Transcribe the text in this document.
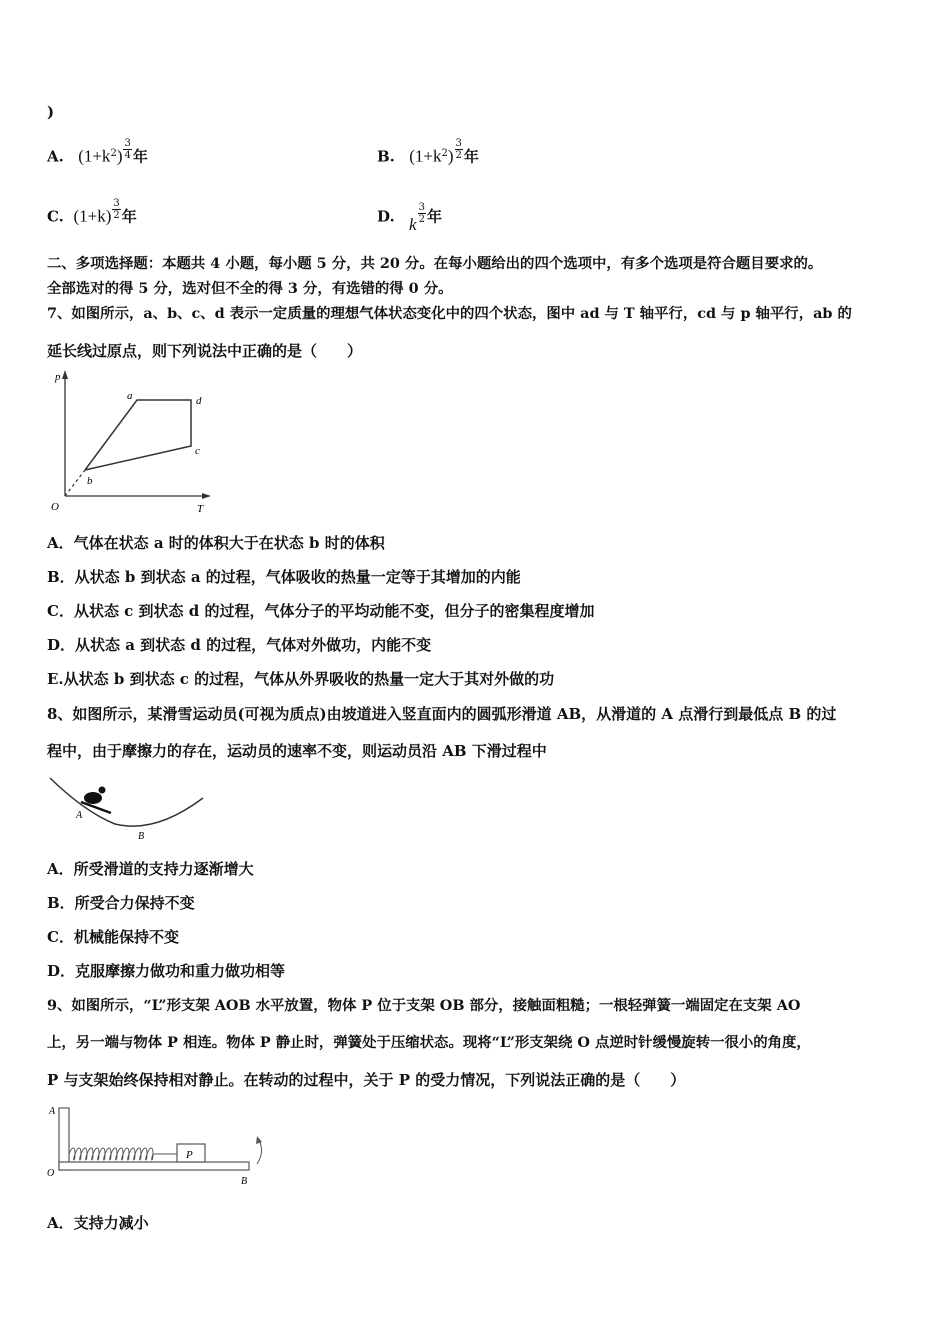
)
A. $(1+k^2) \frac{3}{4}$ 年	B. $(1+k^2) \frac{3}{2}$ 年
C. $(1+k) \frac{3}{2}$ 年	D. k $\frac{3}{2}$ 年
二、多项选择题：本题共 4 小题，每小题 5 分，共 20 分。在每小题给出的四个选项中，有多个选项是符合题目要求的。
全部选对的得 5 分，选对但不全的得 3 分，有选错的得 0 分。
7、如图所示，a、b、c、d 表示一定质量的理想气体状态变化中的四个状态，图中 ad 与 T 轴平行，cd 与 p 轴平行，ab 的
延长线过原点，则下列说法中正确的是（　　）
p
T
O
a	d
c
b
A．气体在状态 a 时的体积大于在状态 b 时的体积
B．从状态 b 到状态 a 的过程，气体吸收的热量一定等于其增加的内能
C．从状态 c 到状态 d 的过程，气体分子的平均动能不变，但分子的密集程度增加
D．从状态 a 到状态 d 的过程，气体对外做功，内能不变
E.从状态 b 到状态 c 的过程，气体从外界吸收的热量一定大于其对外做的功
8、如图所示，某滑雪运动员(可视为质点)由坡道进入竖直面内的圆弧形滑道 AB，从滑道的 A 点滑行到最低点 B 的过
程中，由于摩擦力的存在，运动员的速率不变，则运动员沿 AB 下滑过程中
A
B
A．所受滑道的支持力逐渐增大
B．所受合力保持不变
C．机械能保持不变
D．克服摩擦力做功和重力做功相等
9、如图所示，“L”形支架 AOB 水平放置，物体 P 位于支架 OB 部分，接触面粗糙；一根轻弹簧一端固定在支架 AO
上，另一端与物体 P 相连。物体 P 静止时，弹簧处于压缩状态。现将“L”形支架绕 O 点逆时针缓慢旋转一很小的角度，
P 与支架始终保持相对静止。在转动的过程中，关于 P 的受力情况，下列说法正确的是（　　）
P
A
O
B
A．支持力减小
